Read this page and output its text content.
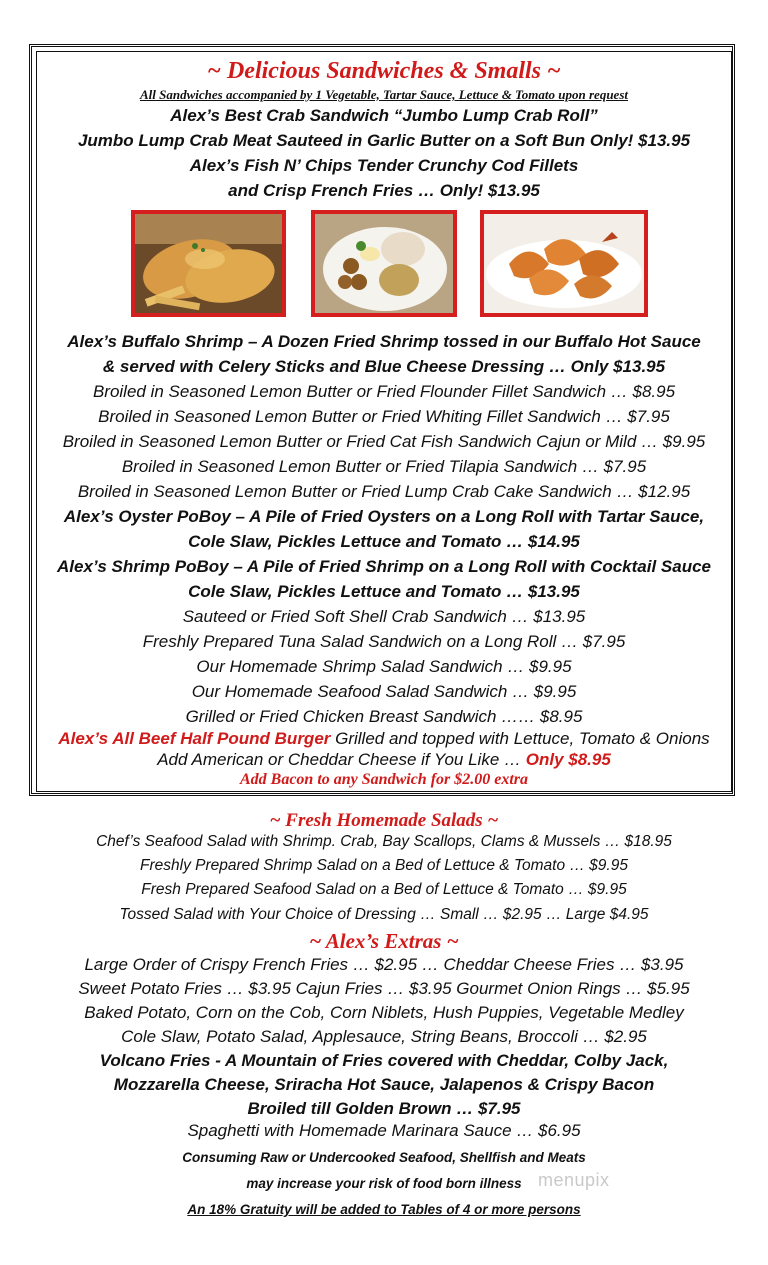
~ Delicious Sandwiches & Smalls ~
All Sandwiches accompanied by 1 Vegetable, Tartar Sauce, Lettuce & Tomato upon request
Alex’s Best Crab Sandwich “Jumbo Lump Crab Roll”
Jumbo Lump Crab Meat Sauteed in Garlic Butter on a Soft Bun Only! $13.95
Alex’s Fish N’ Chips Tender Crunchy Cod Fillets
and Crisp French Fries … Only! $13.95
Alex’s Buffalo Shrimp – A Dozen Fried Shrimp tossed in our Buffalo Hot Sauce
& served with Celery Sticks and Blue Cheese Dressing … Only $13.95
Broiled in Seasoned Lemon Butter or Fried Flounder Fillet Sandwich … $8.95
Broiled in Seasoned Lemon Butter or Fried Whiting Fillet Sandwich … $7.95
Broiled in Seasoned Lemon Butter or Fried Cat Fish Sandwich Cajun or Mild … $9.95
Broiled in Seasoned Lemon Butter or Fried Tilapia Sandwich … $7.95
Broiled in Seasoned Lemon Butter or Fried Lump Crab Cake Sandwich … $12.95
Alex’s Oyster PoBoy – A Pile of Fried Oysters on a Long Roll with Tartar Sauce,
Cole Slaw, Pickles Lettuce and Tomato … $14.95
Alex’s Shrimp PoBoy – A Pile of Fried Shrimp on a Long Roll with Cocktail Sauce
Cole Slaw, Pickles Lettuce and Tomato … $13.95
Sauteed or Fried Soft Shell Crab Sandwich … $13.95
Freshly Prepared Tuna Salad Sandwich on a Long Roll … $7.95
Our Homemade Shrimp Salad Sandwich … $9.95
Our Homemade Seafood Salad Sandwich … $9.95
Grilled or Fried Chicken Breast Sandwich …… $8.95
Alex’s All Beef Half Pound Burger Grilled and topped with Lettuce, Tomato & Onions
Add American or Cheddar Cheese if You Like … Only $8.95
Add Bacon to any Sandwich for $2.00 extra
~ Fresh Homemade Salads ~
Chef’s Seafood Salad with Shrimp. Crab, Bay Scallops, Clams & Mussels … $18.95
Freshly Prepared Shrimp Salad on a Bed of Lettuce & Tomato … $9.95
Fresh Prepared Seafood Salad on a Bed of Lettuce & Tomato … $9.95
Tossed Salad with Your Choice of Dressing … Small … $2.95 … Large $4.95
~ Alex’s Extras ~
Large Order of Crispy French Fries … $2.95 … Cheddar Cheese Fries … $3.95
Sweet Potato Fries … $3.95 Cajun Fries … $3.95 Gourmet Onion Rings … $5.95
Baked Potato, Corn on the Cob, Corn Niblets, Hush Puppies, Vegetable Medley
Cole Slaw, Potato Salad, Applesauce, String Beans, Broccoli … $2.95
Volcano Fries - A Mountain of Fries covered with Cheddar, Colby Jack,
Mozzarella Cheese, Sriracha Hot Sauce, Jalapenos & Crispy Bacon
Broiled till Golden Brown … $7.95
Spaghetti with Homemade Marinara Sauce … $6.95
Consuming Raw or Undercooked Seafood, Shellfish and Meats
may increase your risk of food born illness
An 18% Gratuity will be added to Tables of 4 or more persons
menupix
